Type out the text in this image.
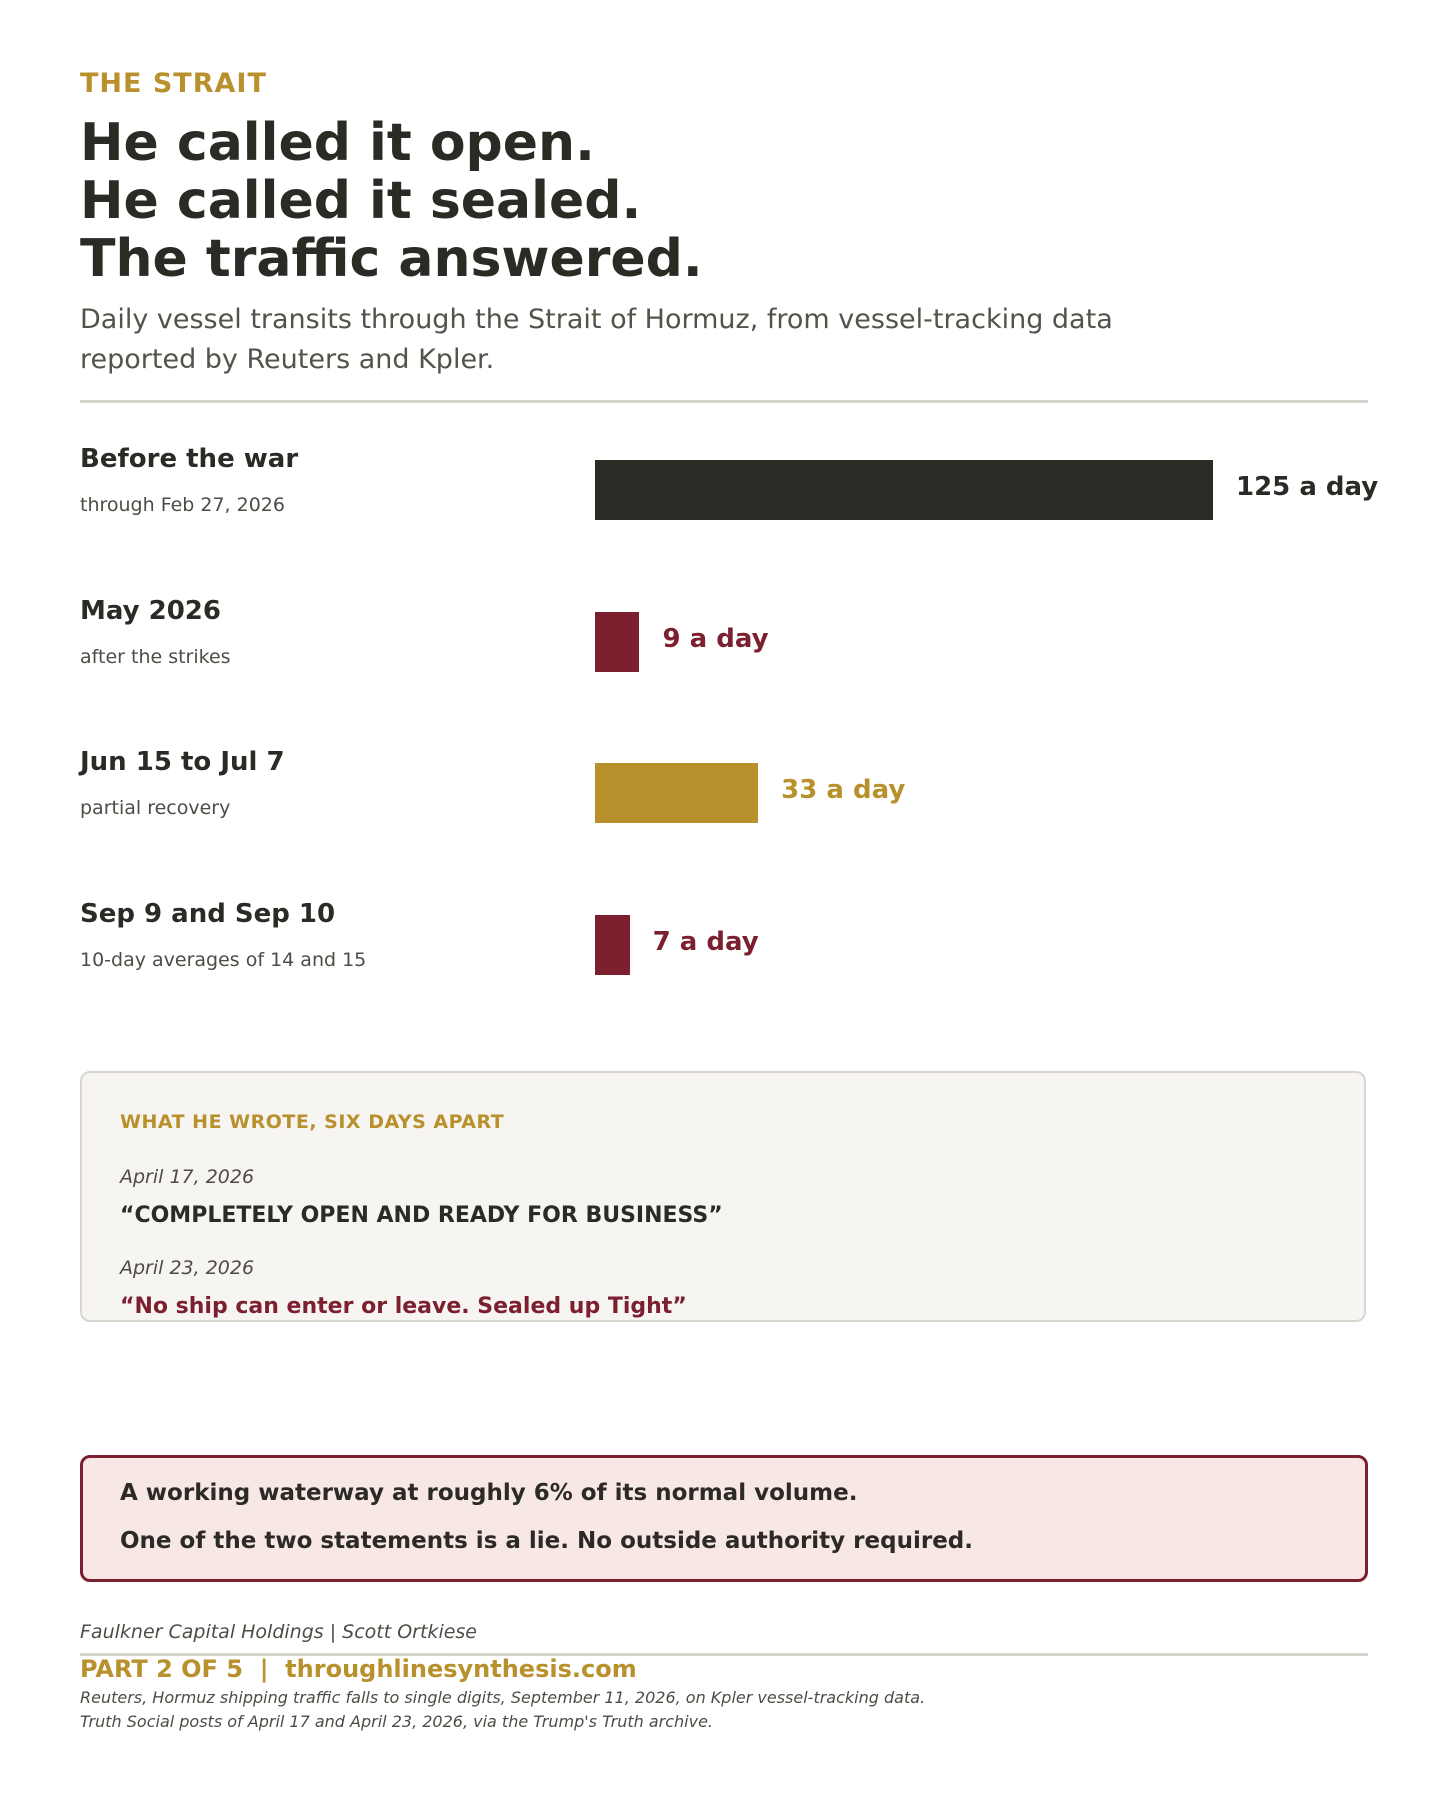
THE STRAIT
He called it open.
He called it sealed.
The traffic answered.
Daily vessel transits through the Strait of Hormuz, from vessel-tracking data reported by Reuters and Kpler.
Before the war
through Feb 27, 2026
125 a day
May 2026
after the strikes
9 a day
Jun 15 to Jul 7
partial recovery
33 a day
Sep 9 and Sep 10
10-day averages of 14 and 15
7 a day
WHAT HE WROTE, SIX DAYS APART
April 17, 2026
“COMPLETELY OPEN AND READY FOR BUSINESS”
April 23, 2026
“No ship can enter or leave. Sealed up Tight”
A working waterway at roughly 6% of its normal volume.
One of the two statements is a lie. No outside authority required.
Faulkner Capital Holdings | Scott Ortkiese
PART 2 OF 5  |  throughlinesynthesis.com
Reuters, Hormuz shipping traffic falls to single digits, September 11, 2026, on Kpler vessel-tracking data.
Truth Social posts of April 17 and April 23, 2026, via the Trump's Truth archive.
